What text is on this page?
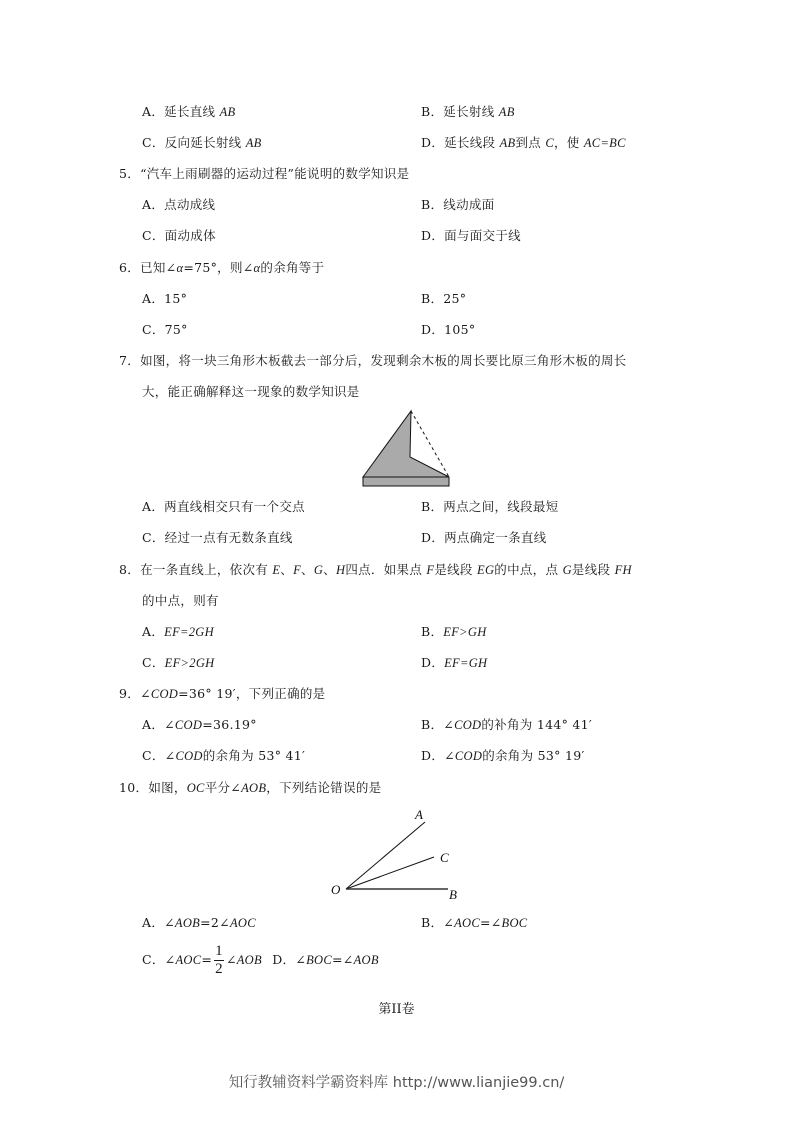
A．延长直线 AB	B．延长射线 AB
C．反向延长射线 AB	D．延长线段 AB到点 C，使 AC=BC
5．“汽车上雨刷器的运动过程”能说明的数学知识是
A．点动成线	B．线动成面
C．面动成体	D．面与面交于线
6．已知∠α=75°，则∠α的余角等于
A．15°	B．25°
C．75°	D．105°
7．如图，将一块三角形木板截去一部分后，发现剩余木板的周长要比原三角形木板的周长
大，能正确解释这一现象的数学知识是
A．两直线相交只有一个交点	B．两点之间，线段最短
C．经过一点有无数条直线	D．两点确定一条直线
8．在一条直线上，依次有 E、F、G、H四点．如果点 F是线段 EG的中点，点 G是线段 FH
的中点，则有
A．EF=2GH	B．EF>GH
C．EF>2GH	D．EF=GH
9．∠COD=36° 19′，下列正确的是
A．∠COD=36.19°	B．∠COD的补角为 144° 41′
C．∠COD的余角为 53° 41′	D．∠COD的余角为 53° 19′
10．如图，OC平分∠AOB，下列结论错误的是
A
C
O	B
A．∠AOB=2∠AOC	B．∠AOC=∠BOC
C．∠AOC= $\frac{1}{2}$ ∠AOB D．∠BOC=∠AOB
第II卷
知行教辅资料学霸资料库 http://www.lianjie99.cn/
